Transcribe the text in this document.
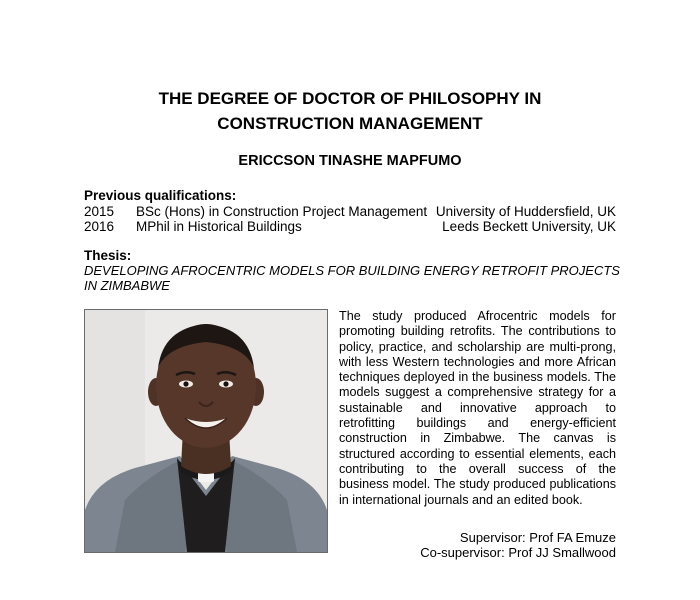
THE DEGREE OF DOCTOR OF PHILOSOPHY IN
CONSTRUCTION MANAGEMENT
ERICCSON TINASHE MAPFUMO
Previous qualifications:
2015 BSc (Hons) in Construction Project Management University of Huddersfield, UK
2016 MPhil in Historical Buildings	Leeds Beckett University, UK
Thesis:
DEVELOPING AFROCENTRIC MODELS FOR BUILDING ENERGY RETROFIT PROJECTS IN ZIMBABWE
The study produced Afrocentric models for promoting building retrofits. The contributions to policy, practice, and scholarship are multi-prong, with less Western technologies and more African techniques deployed in the business models. The models suggest a comprehensive strategy for a sustainable and innovative approach to retrofitting buildings and energy-efficient construction in Zimbabwe. The canvas is structured according to essential elements, each contributing to the overall success of the business model. The study produced publications in international journals and an edited book.
Supervisor: Prof FA Emuze
Co-supervisor: Prof JJ Smallwood
